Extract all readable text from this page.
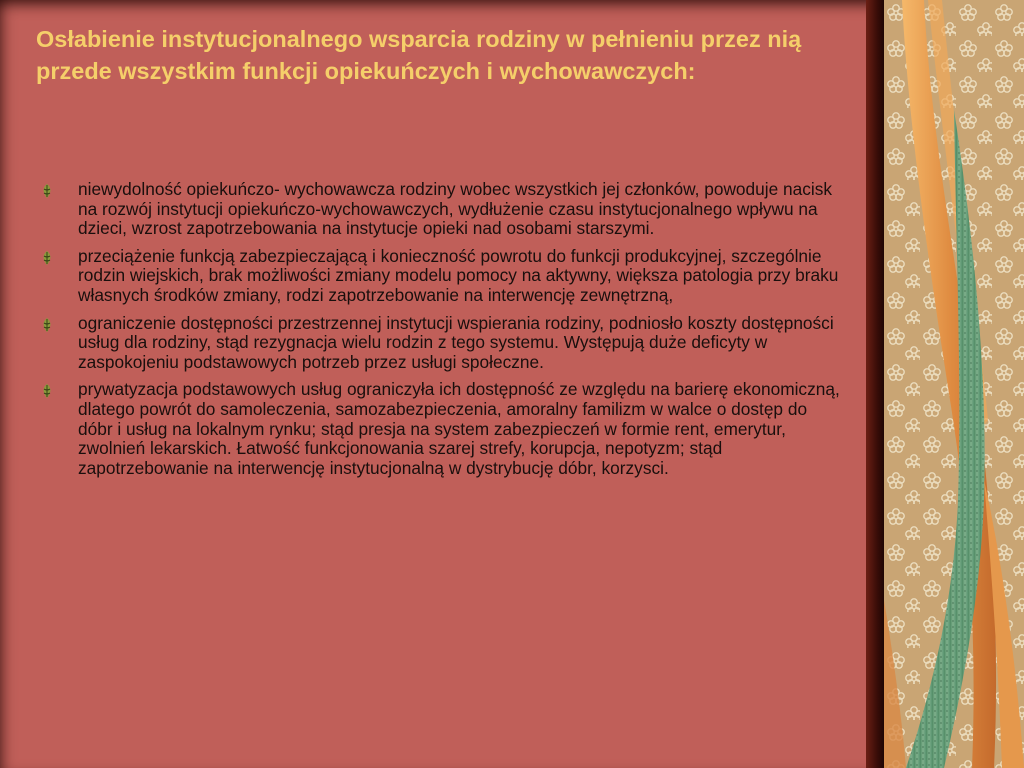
Osłabienie instytucjonalnego wsparcia rodziny w pełnieniu przez nią przede wszystkim funkcji opiekuńczych i wychowawczych:
niewydolność opiekuńczo- wychowawcza rodziny wobec wszystkich jej członków, powoduje nacisk na rozwój instytucji opiekuńczo-wychowawczych, wydłużenie czasu instytucjonalnego wpływu na dzieci, wzrost zapotrzebowania na instytucje opieki nad osobami starszymi.
przeciążenie funkcją zabezpieczającą i konieczność powrotu do funkcji produkcyjnej, szczególnie rodzin wiejskich, brak możliwości zmiany modelu pomocy na aktywny, większa patologia przy braku własnych środków zmiany, rodzi zapotrzebowanie na interwencję zewnętrzną,
ograniczenie dostępności przestrzennej instytucji wspierania rodziny, podniosło koszty dostępności usług dla rodziny, stąd rezygnacja wielu rodzin z tego systemu. Występują duże deficyty w zaspokojeniu podstawowych potrzeb przez usługi społeczne.
prywatyzacja podstawowych usług ograniczyła ich dostępność ze względu na barierę ekonomiczną, dlatego powrót do samoleczenia, samozabezpieczenia, amoralny familizm w walce o dostęp do dóbr i usług na lokalnym rynku; stąd presja na system zabezpieczeń w formie rent, emerytur, zwolnień lekarskich. Łatwość funkcjonowania szarej strefy, korupcja, nepotyzm; stąd zapotrzebowanie na interwencję instytucjonalną w dystrybucję dóbr, korzysci.
